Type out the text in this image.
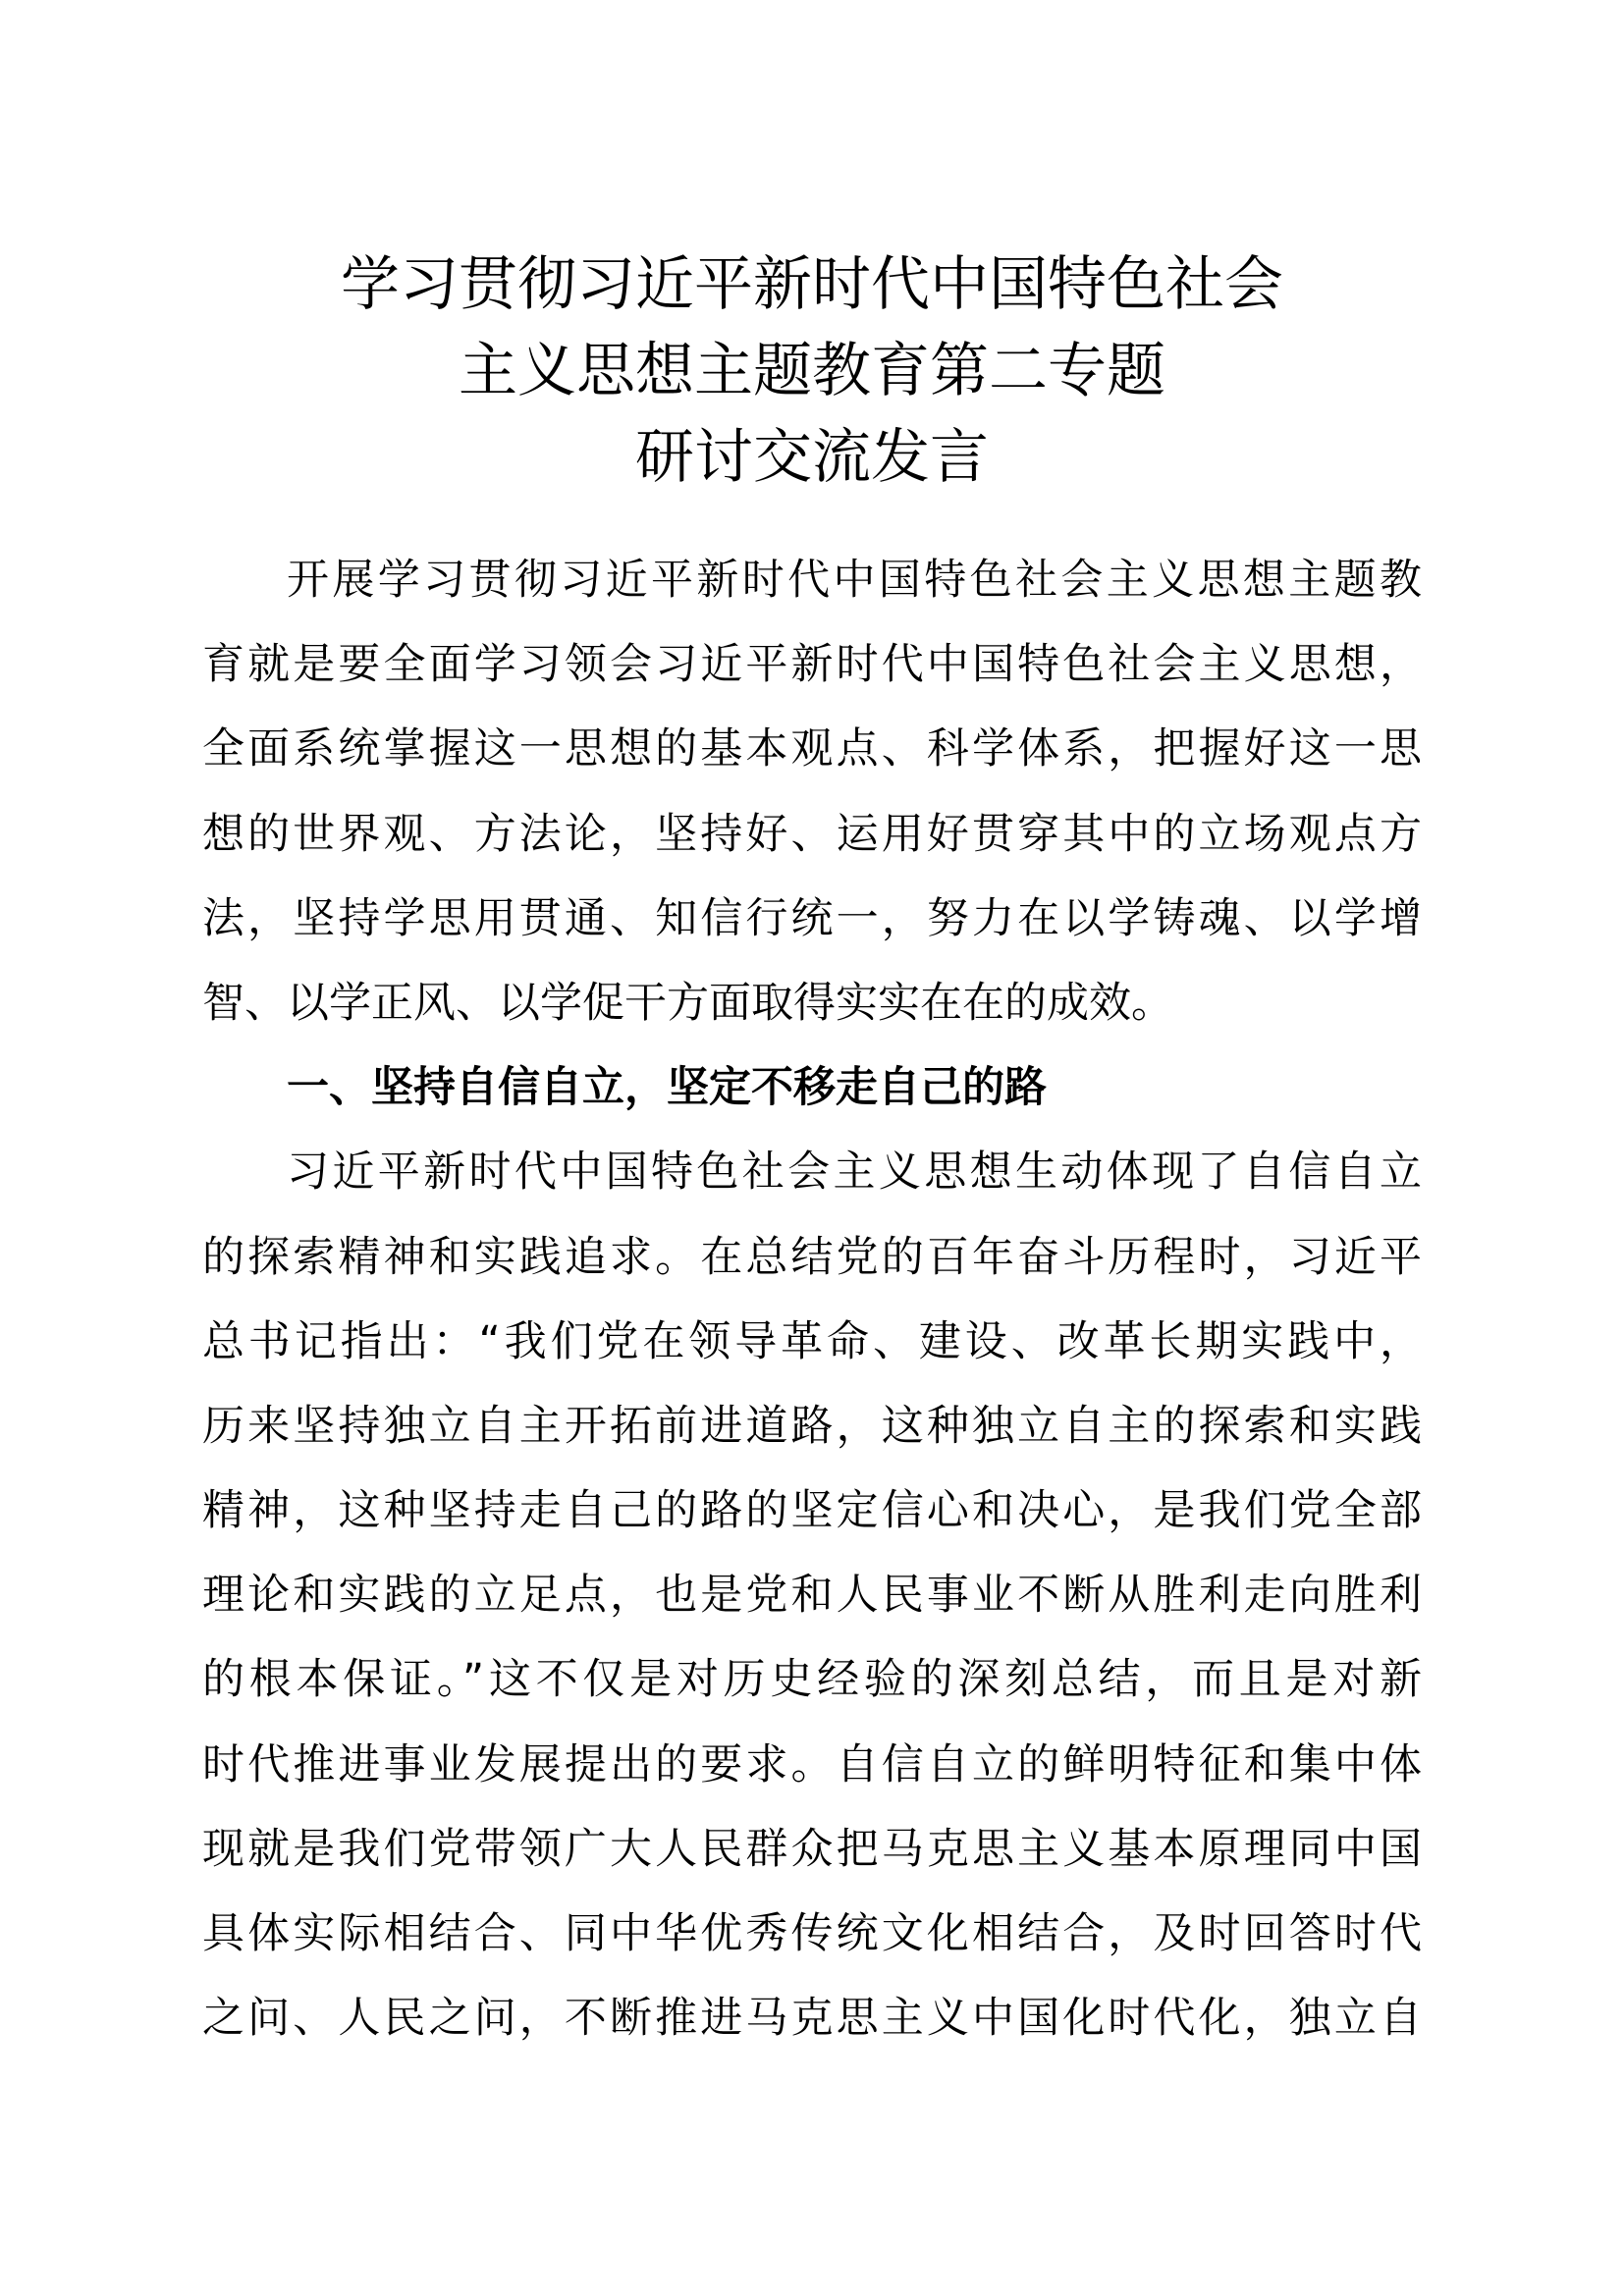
学习贯彻习近平新时代中国特色社会
主义思想主题教育第二专题
研讨交流发言
开展学习贯彻习近平新时代中国特色社会主义思想主题教
育就是要全面学习领会习近平新时代中国特色社会主义思想，
全面系统掌握这一思想的基本观点、科学体系，把握好这一思
想的世界观、方法论，坚持好、运用好贯穿其中的立场观点方
法，坚持学思用贯通、知信行统一，努力在以学铸魂、以学增
智、以学正风、以学促干方面取得实实在在的成效。
一、坚持自信自立，坚定不移走自己的路
习近平新时代中国特色社会主义思想生动体现了自信自立
的探索精神和实践追求。在总结党的百年奋斗历程时，习近平
总书记指出：“我们党在领导革命、建设、改革长期实践中，
历来坚持独立自主开拓前进道路，这种独立自主的探索和实践
精神，这种坚持走自己的路的坚定信心和决心，是我们党全部
理论和实践的立足点，也是党和人民事业不断从胜利走向胜利
的根本保证。”这不仅是对历史经验的深刻总结，而且是对新
时代推进事业发展提出的要求。自信自立的鲜明特征和集中体
现就是我们党带领广大人民群众把马克思主义基本原理同中国
具体实际相结合、同中华优秀传统文化相结合，及时回答时代
之问、人民之问，不断推进马克思主义中国化时代化，独立自
